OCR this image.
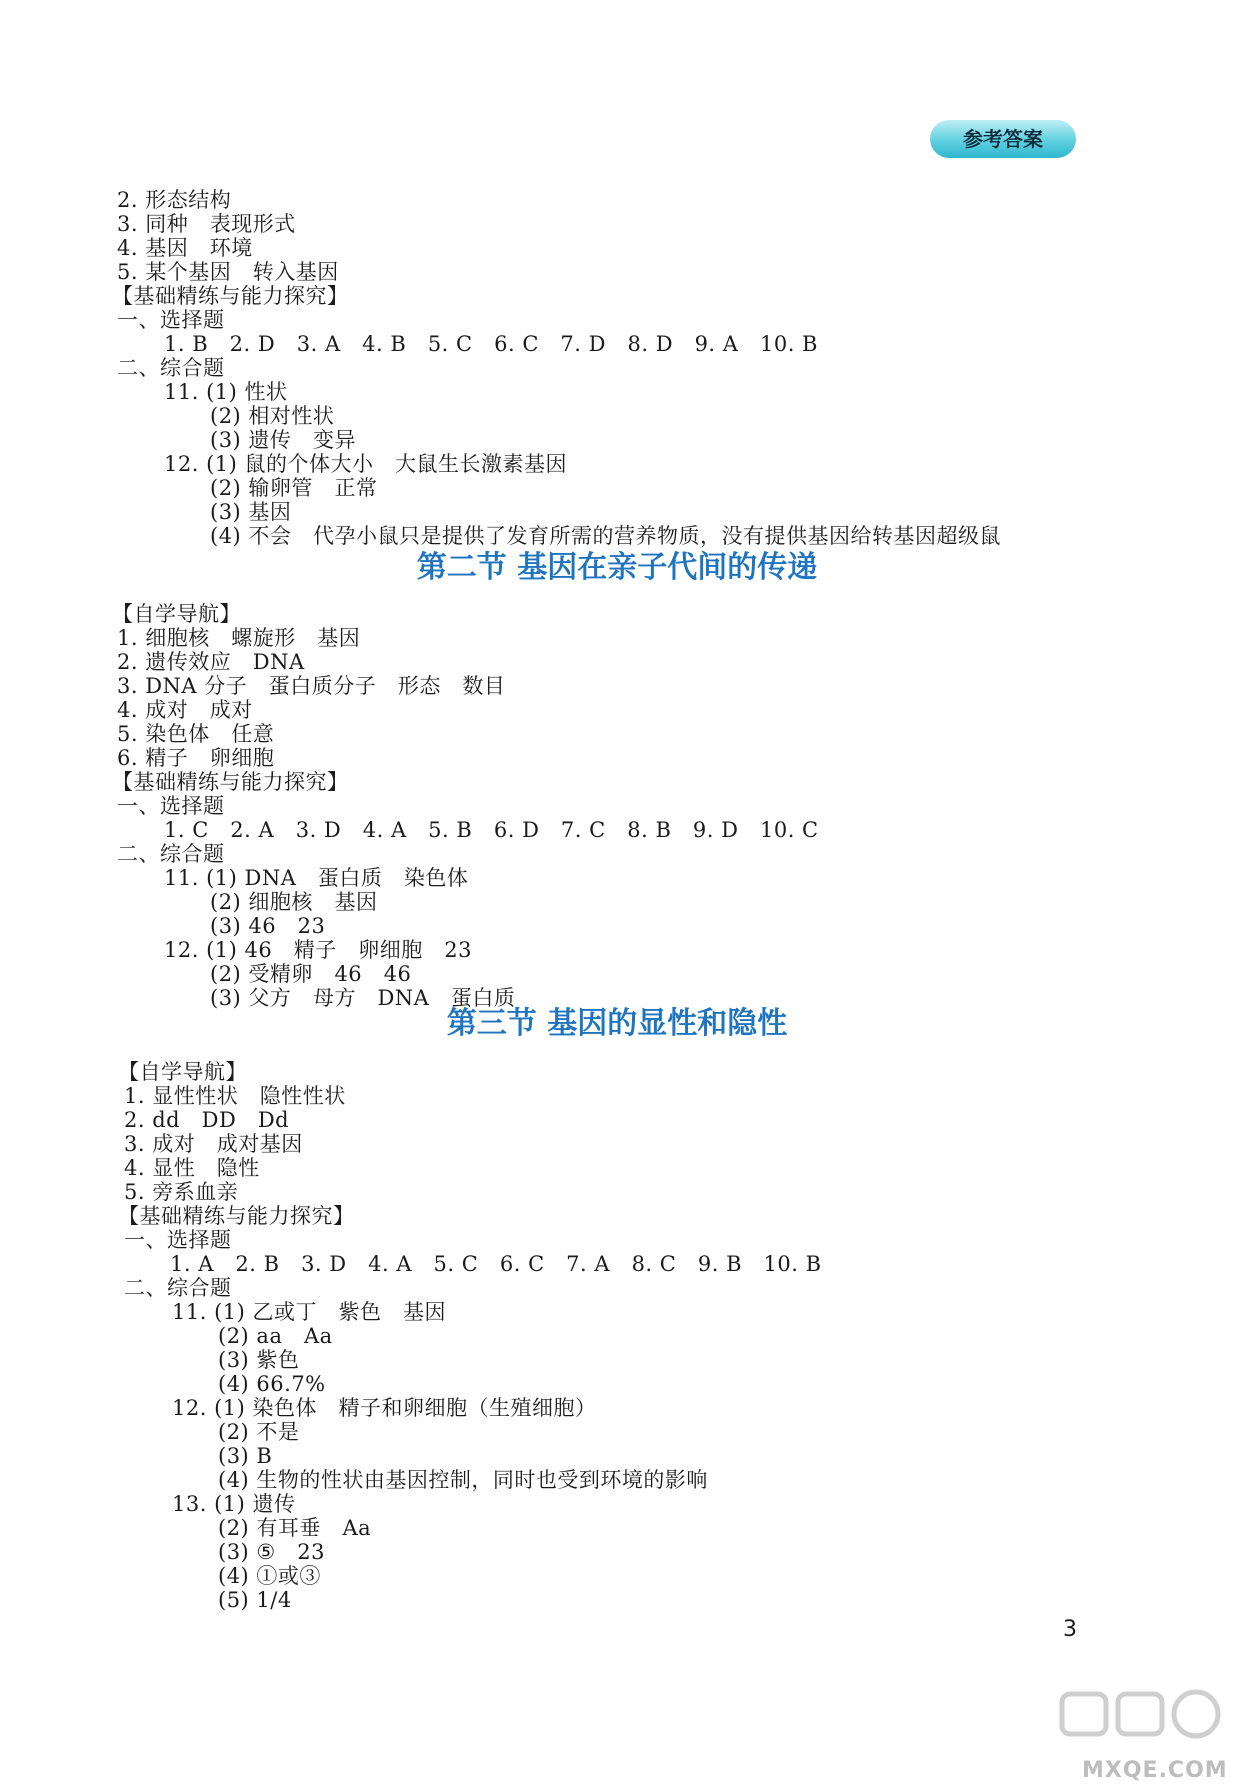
参考答案
2. 形态结构
3. 同种   表现形式
4. 基因   环境
5. 某个基因   转入基因
【基础精练与能力探究】
一、选择题
1. B   2. D   3. A   4. B   5. C   6. C   7. D   8. D   9. A   10. B
二、综合题
11. (1) 性状
(2) 相对性状
(3) 遗传   变异
12. (1) 鼠的个体大小   大鼠生长激素基因
(2) 输卵管   正常
(3) 基因
(4) 不会   代孕小鼠只是提供了发育所需的营养物质，没有提供基因给转基因超级鼠
第二节 基因在亲子代间的传递
【自学导航】
1. 细胞核   螺旋形   基因
2. 遗传效应   DNA
3. DNA 分子   蛋白质分子   形态   数目
4. 成对   成对
5. 染色体   任意
6. 精子   卵细胞
【基础精练与能力探究】
一、选择题
1. C   2. A   3. D   4. A   5. B   6. D   7. C   8. B   9. D   10. C
二、综合题
11. (1) DNA   蛋白质   染色体
(2) 细胞核   基因
(3) 46   23
12. (1) 46   精子   卵细胞   23
(2) 受精卵   46   46
(3) 父方   母方   DNA   蛋白质
第三节 基因的显性和隐性
【自学导航】
1. 显性性状   隐性性状
2. dd   DD   Dd
3. 成对   成对基因
4. 显性   隐性
5. 旁系血亲
【基础精练与能力探究】
一、选择题
1. A   2. B   3. D   4. A   5. C   6. C   7. A   8. C   9. B   10. B
二、综合题
11. (1) 乙或丁   紫色   基因
(2) aa   Aa
(3) 紫色
(4) 66.7%
12. (1) 染色体   精子和卵细胞（生殖细胞）
(2) 不是
(3) B
(4) 生物的性状由基因控制，同时也受到环境的影响
13. (1) 遗传
(2) 有耳垂   Aa
(3) ⑤   23
(4) ①或③
(5) 1/4
3
MXQE.COM
